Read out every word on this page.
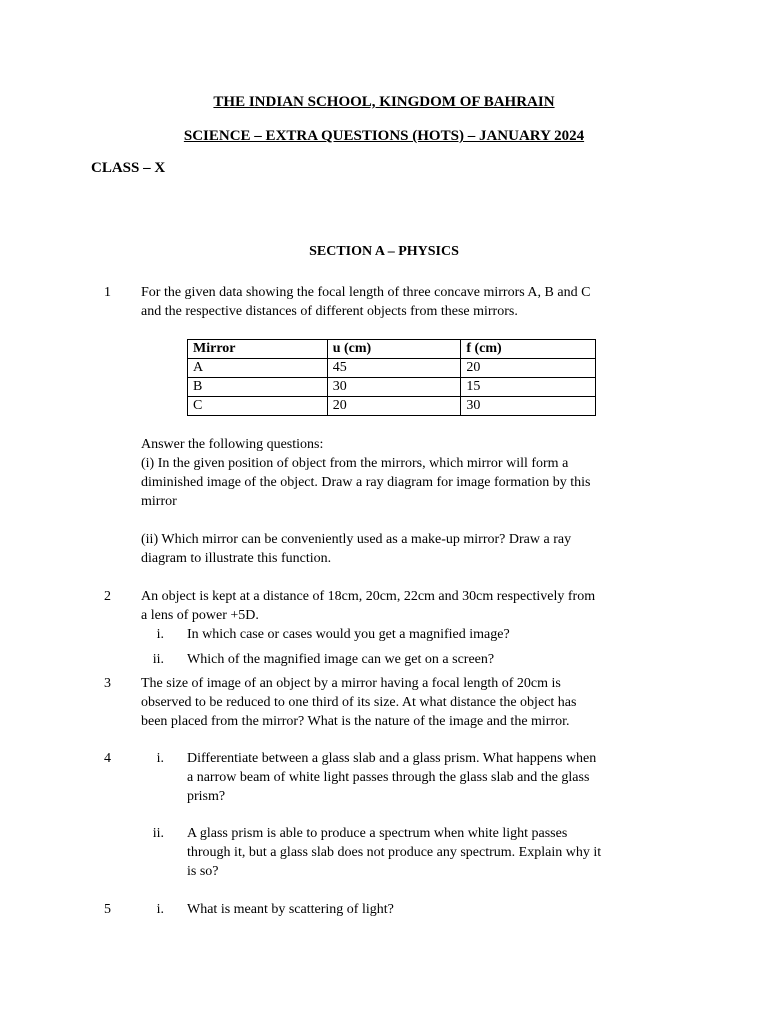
THE INDIAN SCHOOL, KINGDOM OF BAHRAIN
SCIENCE – EXTRA QUESTIONS (HOTS) – JANUARY 2024
CLASS – X
SECTION A – PHYSICS
1 For the given data showing the focal length of three concave mirrors A, B and C and the respective distances of different objects from these mirrors.
Mirror	u (cm)	f (cm)
A	45	20
B	30	15
C	20	30
Answer the following questions:
(i) In the given position of object from the mirrors, which mirror will form a diminished image of the object. Draw a ray diagram for image formation by this mirror
(ii) Which mirror can be conveniently used as a make-up mirror? Draw a ray diagram to illustrate this function.
2 An object is kept at a distance of 18cm, 20cm, 22cm and 30cm respectively from a lens of power +5D.
i. In which case or cases would you get a magnified image?
ii. Which of the magnified image can we get on a screen?
3 The size of image of an object by a mirror having a focal length of 20cm is observed to be reduced to one third of its size. At what distance the object has been placed from the mirror? What is the nature of the image and the mirror.
4	i. Differentiate between a glass slab and a glass prism. What happens when a narrow beam of white light passes through the glass slab and the glass prism?
ii. A glass prism is able to produce a spectrum when white light passes through it, but a glass slab does not produce any spectrum. Explain why it is so?
5	i. What is meant by scattering of light?
